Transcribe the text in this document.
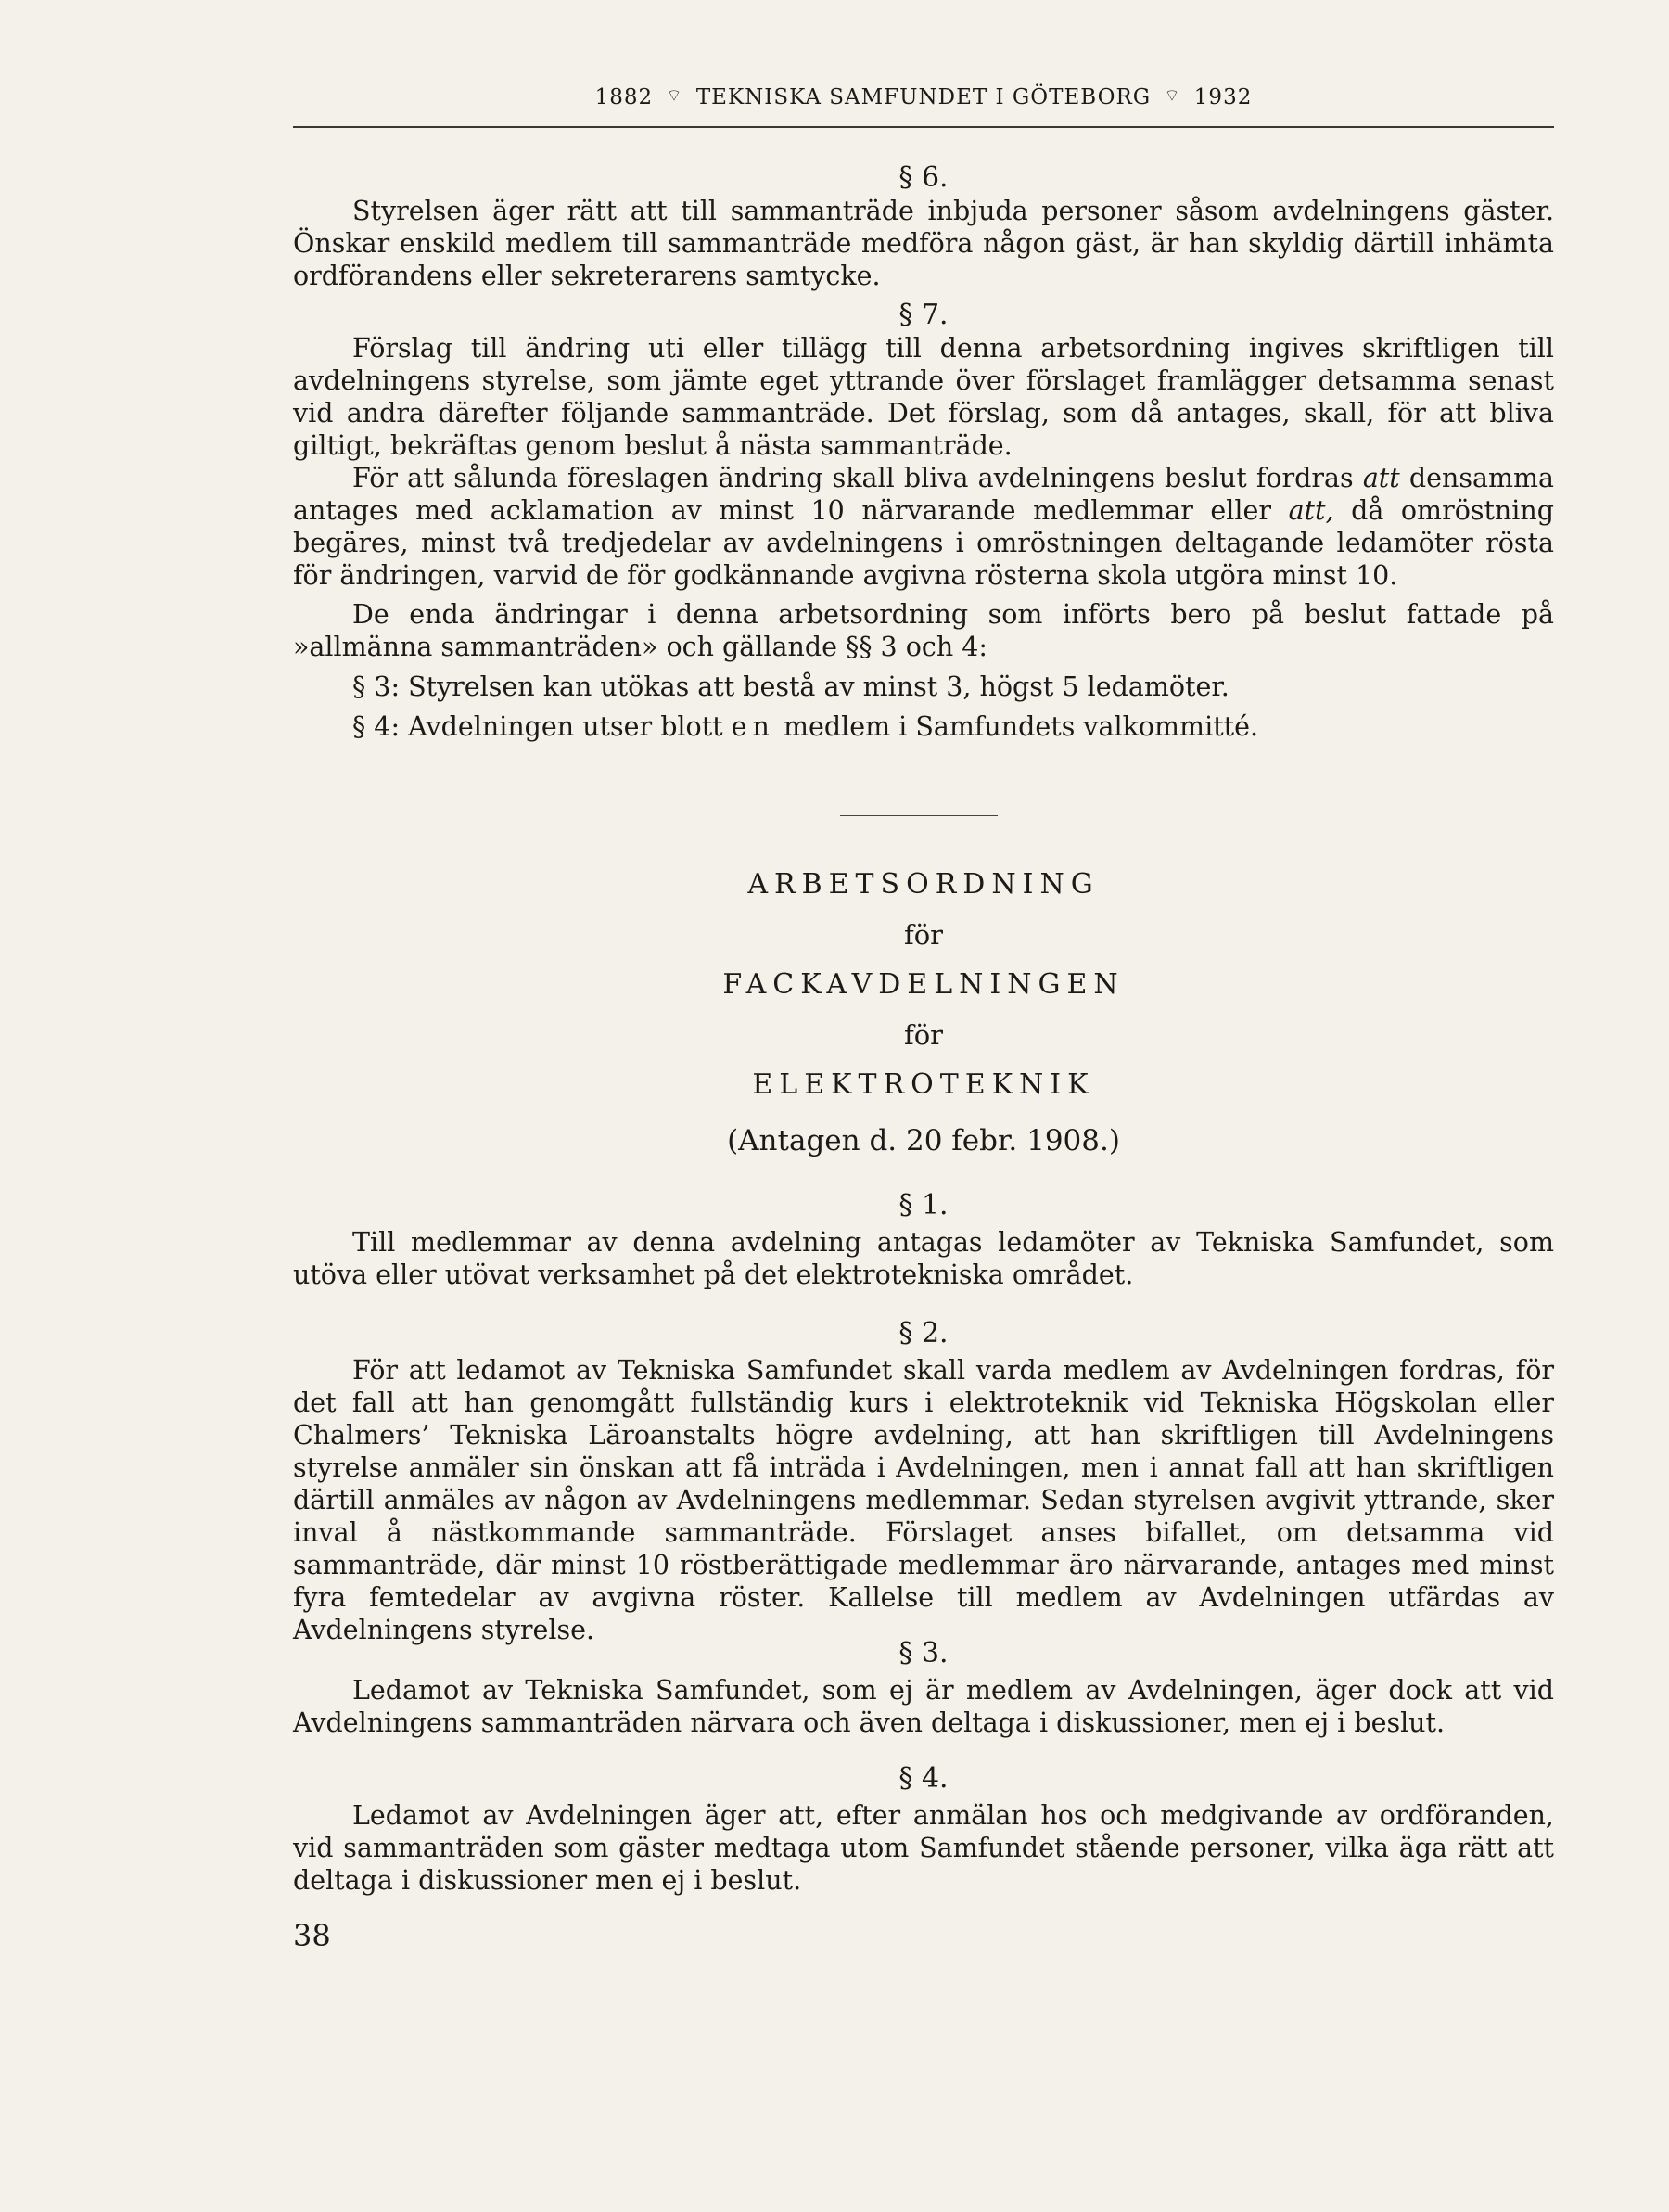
1882 ⌔ TEKNISKA SAMFUNDET I GÖTEBORG ⌔ 1932
§ 6.

Styrelsen äger rätt att till sammanträde inbjuda personer såsom avdelningens gäster. Önskar enskild medlem till sammanträde medföra någon gäst, är han skyldig därtill inhämta ordförandens eller sekreterarens samtycke.

§ 7.

Förslag till ändring uti eller tillägg till denna arbetsordning ingives skriftligen till avdelningens styrelse, som jämte eget yttrande över förslaget framlägger detsamma senast vid andra därefter följande sammanträde. Det förslag, som då antages, skall, för att bliva giltigt, bekräftas genom beslut å nästa sammanträde.

För att sålunda föreslagen ändring skall bliva avdelningens beslut fordras att densamma antages med acklamation av minst 10 närvarande medlemmar eller att, då omröstning begäres, minst två tredjedelar av avdelningens i omröstningen deltagande ledamöter rösta för ändringen, varvid de för godkännande avgivna rösterna skola utgöra minst 10.

De enda ändringar i denna arbetsordning som införts bero på beslut fattade på »allmänna sammanträden» och gällande §§ 3 och 4:

§ 3: Styrelsen kan utökas att bestå av minst 3, högst 5 ledamöter.

§ 4: Avdelningen utser blott en medlem i Samfundets valkommitté.

ARBETSORDNING
för
FACKAVDELNINGEN
för
ELEKTROTEKNIK
(Antagen d. 20 febr. 1908.)
§ 1.

Till medlemmar av denna avdelning antagas ledamöter av Tekniska Samfundet, som utöva eller utövat verksamhet på det elektrotekniska området.

§ 2.

För att ledamot av Tekniska Samfundet skall varda medlem av Avdelningen fordras, för det fall att han genomgått fullständig kurs i elektroteknik vid Tekniska Högskolan eller Chalmers’ Tekniska Läroanstalts högre avdelning, att han skriftligen till Avdelningens styrelse anmäler sin önskan att få inträda i Avdelningen, men i annat fall att han skriftligen därtill anmäles av någon av Avdelningens medlemmar. Sedan styrelsen avgivit yttrande, sker inval å nästkommande sammanträde. Förslaget anses bifallet, om detsamma vid sammanträde, där minst 10 röstberättigade medlemmar äro närvarande, antages med minst fyra femtedelar av avgivna röster. Kallelse till medlem av Avdelningen utfärdas av Avdelningens styrelse.

§ 3.

Ledamot av Tekniska Samfundet, som ej är medlem av Avdelningen, äger dock att vid Avdelningens sammanträden närvara och även deltaga i diskussioner, men ej i beslut.

§ 4.

Ledamot av Avdelningen äger att, efter anmälan hos och medgivande av ordföranden, vid sammanträden som gäster medtaga utom Samfundet stående personer, vilka äga rätt att deltaga i diskussioner men ej i beslut.

38
